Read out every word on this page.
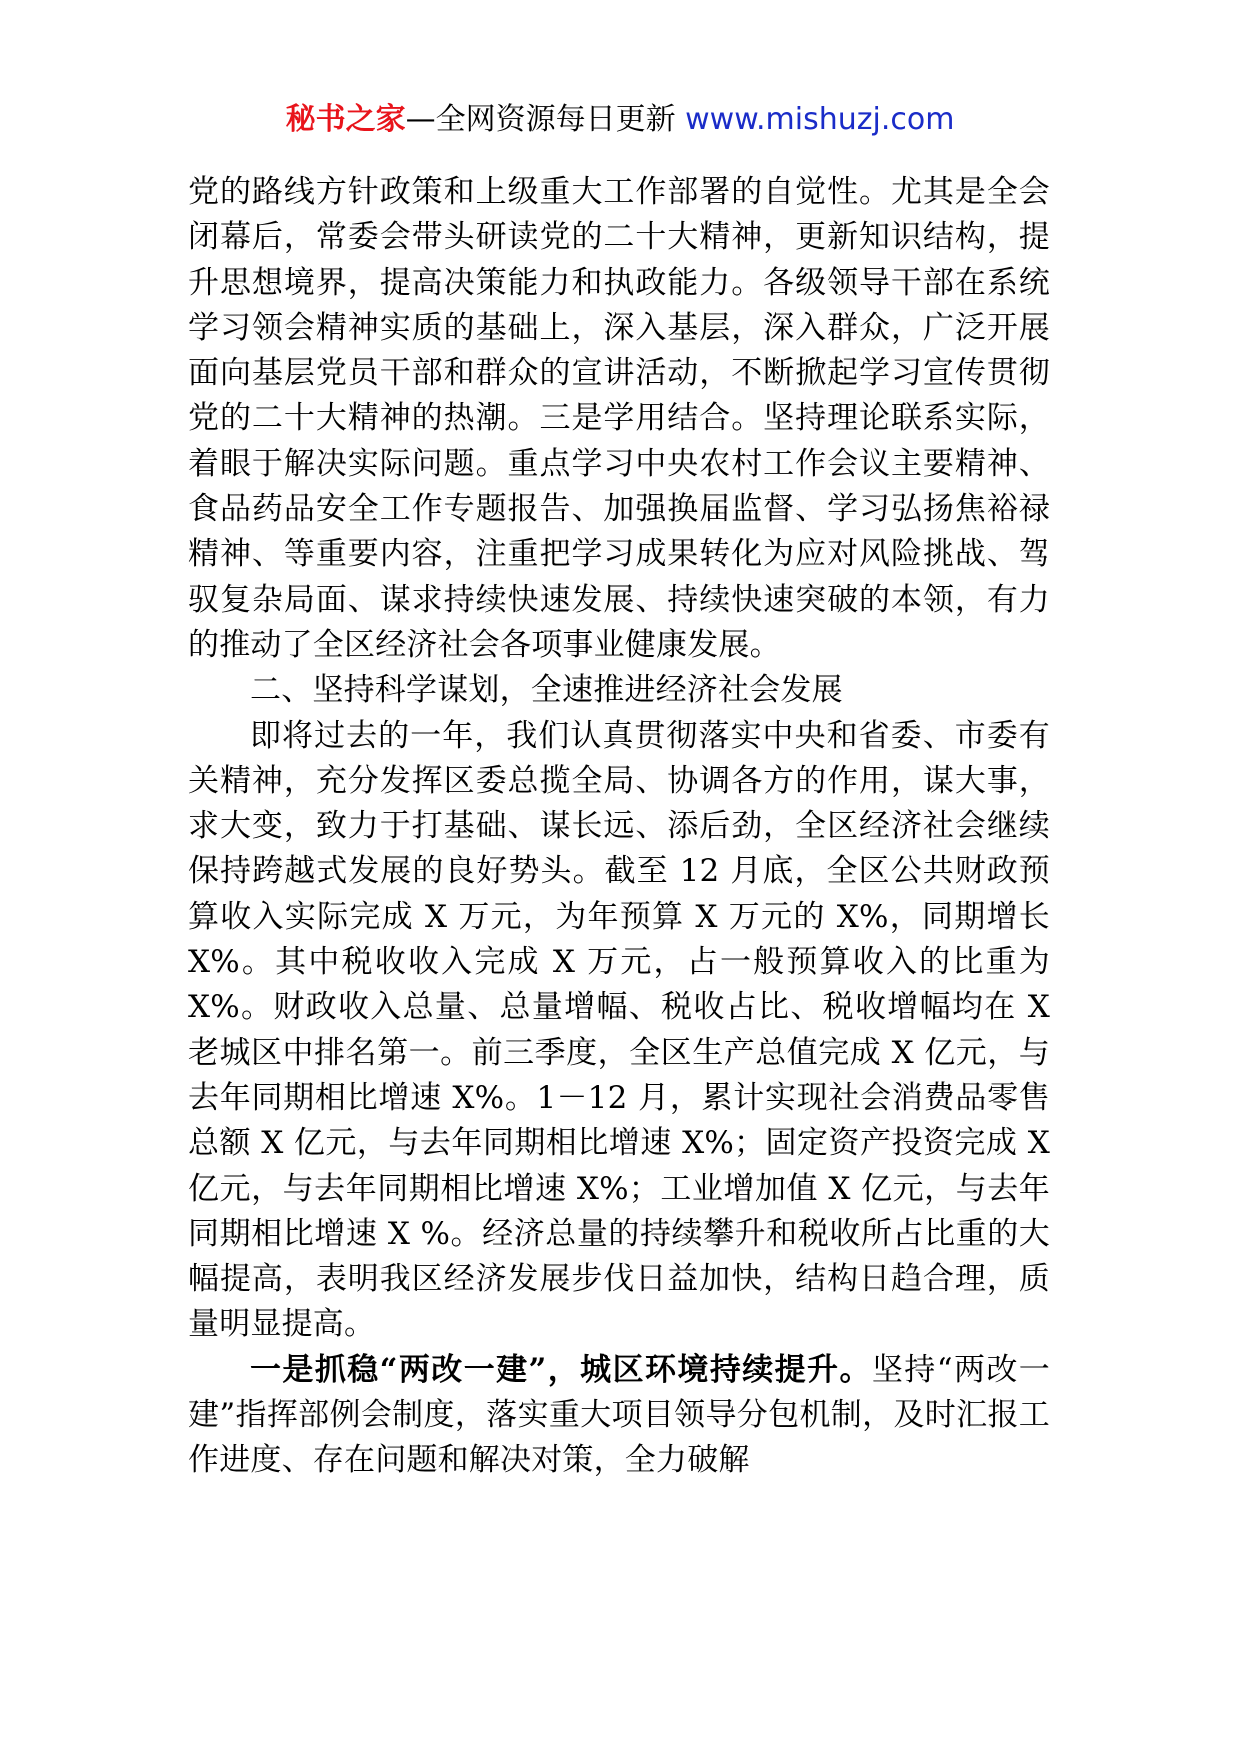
秘书之家—全网资源每日更新 www.mishuzj.com

党的路线方针政策和上级重大工作部署的自觉性。尤其是全会闭幕后，常委会带头研读党的二十大精神，更新知识结构，提升思想境界，提高决策能力和执政能力。各级领导干部在系统学习领会精神实质的基础上，深入基层，深入群众，广泛开展面向基层党员干部和群众的宣讲活动，不断掀起学习宣传贯彻党的二十大精神的热潮。三是学用结合。坚持理论联系实际，着眼于解决实际问题。重点学习中央农村工作会议主要精神、食品药品安全工作专题报告、加强换届监督、学习弘扬焦裕禄精神、等重要内容，注重把学习成果转化为应对风险挑战、驾驭复杂局面、谋求持续快速发展、持续快速突破的本领，有力的推动了全区经济社会各项事业健康发展。

二、坚持科学谋划，全速推进经济社会发展

即将过去的一年，我们认真贯彻落实中央和省委、市委有关精神，充分发挥区委总揽全局、协调各方的作用，谋大事，求大变，致力于打基础、谋长远、添后劲，全区经济社会继续保持跨越式发展的良好势头。截至 12 月底，全区公共财政预算收入实际完成 X 万元，为年预算 X 万元的 X%，同期增长 X%。其中税收收入完成 X 万元，占一般预算收入的比重为 X%。财政收入总量、总量增幅、税收占比、税收增幅均在 X 老城区中排名第一。前三季度，全区生产总值完成 X 亿元，与去年同期相比增速 X%。1－12 月，累计实现社会消费品零售总额 X 亿元，与去年同期相比增速 X%；固定资产投资完成 X 亿元，与去年同期相比增速 X%；工业增加值 X 亿元，与去年同期相比增速 X %。经济总量的持续攀升和税收所占比重的大幅提高，表明我区经济发展步伐日益加快，结构日趋合理，质量明显提高。

一是抓稳“两改一建”，城区环境持续提升。坚持“两改一建”指挥部例会制度，落实重大项目领导分包机制，及时汇报工作进度、存在问题和解决对策，全力破解
